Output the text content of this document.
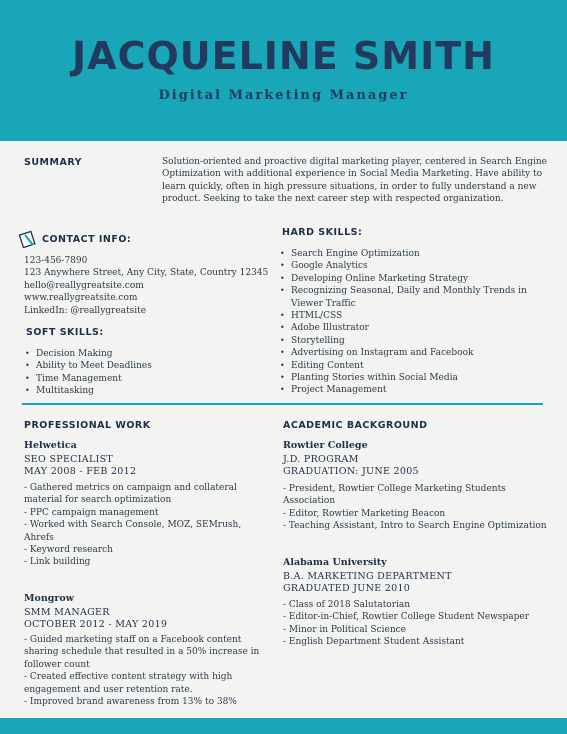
JACQUELINE SMITH
Digital Marketing Manager
SUMMARY	Solution-oriented and proactive digital marketing player, centered in Search Engine
Optimization with additional experience in Social Media Marketing. Have ability to
learn quickly, often in high pressure situations, in order to fully understand a new
product. Seeking to take the next career step with respected organization.
CONTACT INFO:
123-456-7890
123 Anywhere Street, Any City, State, Country 12345
hello@reallygreatsite.com
www.reallygreatsite.com
LinkedIn: @reallygreatsite
SOFT SKILLS:
• Decision Making
• Ability to Meet Deadlines
• Time Management
• Multitasking
HARD SKILLS:
• Search Engine Optimization
• Google Analytics
• Developing Online Marketing Strategy
• Recognizing Seasonal, Daily and Monthly Trends in
Viewer Traffic
• HTML/CSS
• Adobe Illustrator
• Storytelling
• Advertising on Instagram and Facebook
• Editing Content
• Planting Stories within Social Media
• Project Management
PROFESSIONAL WORK
Helwetica
SEO SPECIALIST
MAY 2008 - FEB 2012
- Gathered metrics on campaign and collateral
material for search optimization
- PPC campaign management
- Worked with Search Console, MOZ, SEMrush,
Ahrefs
- Keyword research
- Link building
Mongrow
SMM MANAGER
OCTOBER 2012 - MAY 2019
- Guided marketing staff on a Facebook content
sharing schedule that resulted in a 50% increase in
follower count
- Created effective content strategy with high
engagement and user retention rate.
- Improved brand awareness from 13% to 38%
ACADEMIC BACKGROUND
Rowtier College
J.D. PROGRAM
GRADUATION: JUNE 2005
- President, Rowtier College Marketing Students
Association
- Editor, Rowtier Marketing Beacon
- Teaching Assistant, Intro to Search Engine Optimization
Alabama University
B.A. MARKETING DEPARTMENT
GRADUATED JUNE 2010
- Class of 2018 Salutatorian
- Editor-in-Chief, Rowtier College Student Newspaper
- Minor in Political Science
- English Department Student Assistant
